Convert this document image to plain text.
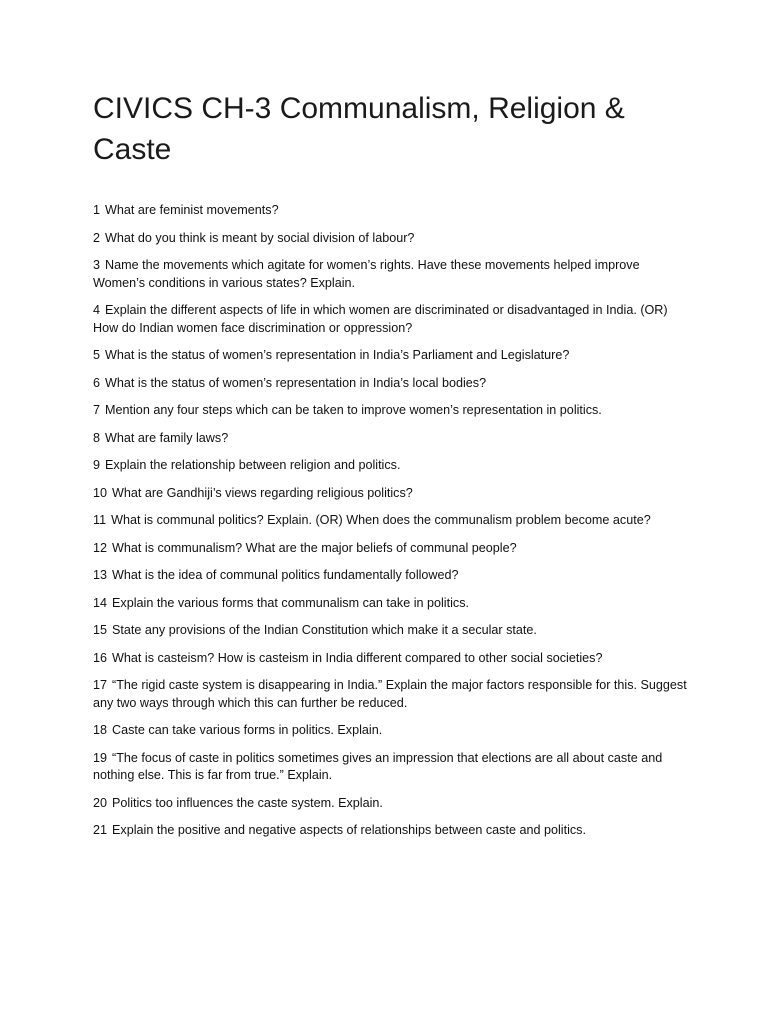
CIVICS CH-3 Communalism, Religion & Caste
1 What are feminist movements?
2 What do you think is meant by social division of labour?
3 Name the movements which agitate for women’s rights. Have these movements helped improve Women’s conditions in various states? Explain.
4 Explain the different aspects of life in which women are discriminated or disadvantaged in India. (OR) How do Indian women face discrimination or oppression?
5 What is the status of women’s representation in India’s Parliament and Legislature?
6 What is the status of women’s representation in India’s local bodies?
7 Mention any four steps which can be taken to improve women’s representation in politics.
8 What are family laws?
9 Explain the relationship between religion and politics.
10 What are Gandhiji’s views regarding religious politics?
11 What is communal politics? Explain. (OR) When does the communalism problem become acute?
12 What is communalism? What are the major beliefs of communal people?
13 What is the idea of communal politics fundamentally followed?
14 Explain the various forms that communalism can take in politics.
15 State any provisions of the Indian Constitution which make it a secular state.
16 What is casteism? How is casteism in India different compared to other social societies?
17 “The rigid caste system is disappearing in India.” Explain the major factors responsible for this. Suggest any two ways through which this can further be reduced.
18 Caste can take various forms in politics. Explain.
19 “The focus of caste in politics sometimes gives an impression that elections are all about caste and nothing else. This is far from true.” Explain.
20 Politics too influences the caste system. Explain.
21 Explain the positive and negative aspects of relationships between caste and politics.
